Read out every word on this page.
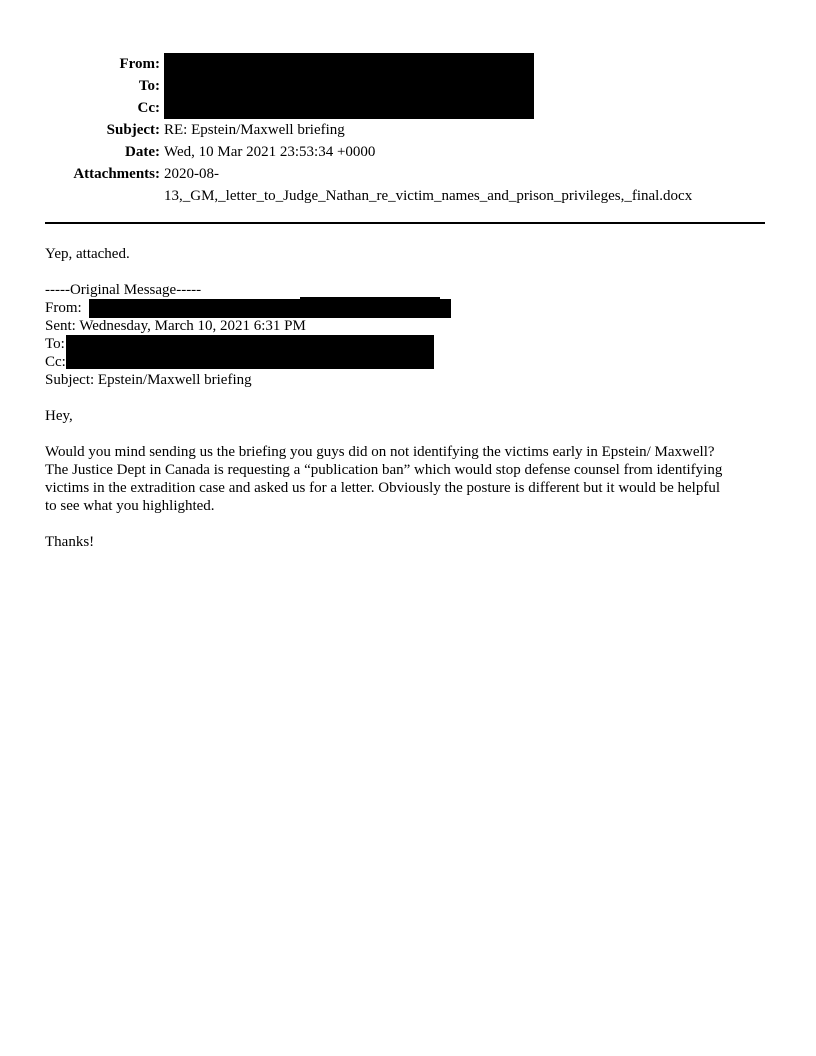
From:
To:
Cc:
Subject: RE: Epstein/Maxwell briefing
Date: Wed, 10 Mar 2021 23:53:34 +0000
Attachments: 2020-08-
13,_GM,_letter_to_Judge_Nathan_re_victim_names_and_prison_privileges,_final.docx
Yep, attached.
-----Original Message-----
From:
Sent: Wednesday, March 10, 2021 6:31 PM
To:
Cc:
Subject: Epstein/Maxwell briefing
Hey,
Would you mind sending us the briefing you guys did on not identifying the victims early in Epstein/ Maxwell?
The Justice Dept in Canada is requesting a “publication ban” which would stop defense counsel from identifying
victims in the extradition case and asked us for a letter. Obviously the posture is different but it would be helpful
to see what you highlighted.
Thanks!
